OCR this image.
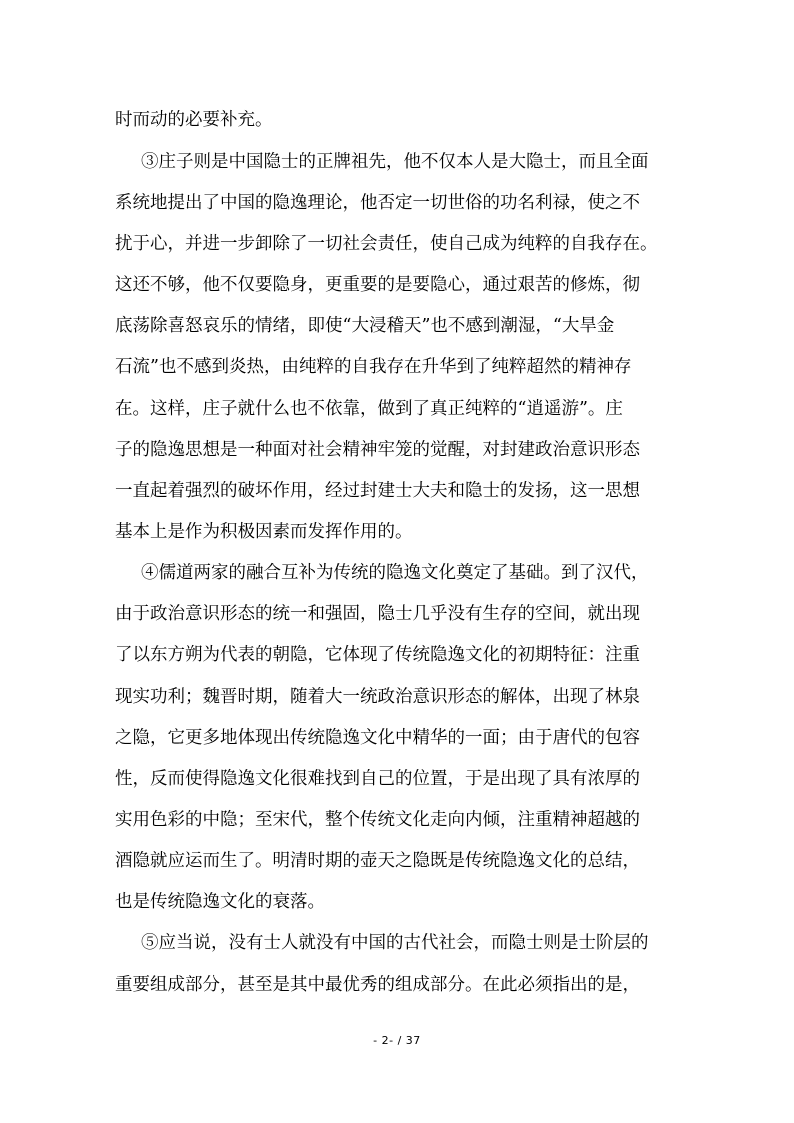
时而动的必要补充。
③庄子则是中国隐士的正牌祖先，他不仅本人是大隐士，而且全面
系统地提出了中国的隐逸理论，他否定一切世俗的功名利禄，使之不
扰于心，并进一步卸除了一切社会责任，使自己成为纯粹的自我存在。
这还不够，他不仅要隐身，更重要的是要隐心，通过艰苦的修炼，彻
底荡除喜怒哀乐的情绪，即使“大浸稽天”也不感到潮湿，“大旱金
石流”也不感到炎热，由纯粹的自我存在升华到了纯粹超然的精神存
在。这样，庄子就什么也不依靠，做到了真正纯粹的“逍遥游”。庄
子的隐逸思想是一种面对社会精神牢笼的觉醒，对封建政治意识形态
一直起着强烈的破坏作用，经过封建士大夫和隐士的发扬，这一思想
基本上是作为积极因素而发挥作用的。
④儒道两家的融合互补为传统的隐逸文化奠定了基础。到了汉代，
由于政治意识形态的统一和强固，隐士几乎没有生存的空间，就出现
了以东方朔为代表的朝隐，它体现了传统隐逸文化的初期特征：注重
现实功利；魏晋时期，随着大一统政治意识形态的解体，出现了林泉
之隐，它更多地体现出传统隐逸文化中精华的一面；由于唐代的包容
性，反而使得隐逸文化很难找到自己的位置，于是出现了具有浓厚的
实用色彩的中隐；至宋代，整个传统文化走向内倾，注重精神超越的
酒隐就应运而生了。明清时期的壶天之隐既是传统隐逸文化的总结，
也是传统隐逸文化的衰落。
⑤应当说，没有士人就没有中国的古代社会，而隐士则是士阶层的
重要组成部分，甚至是其中最优秀的组成部分。在此必须指出的是，
- 2- / 37
